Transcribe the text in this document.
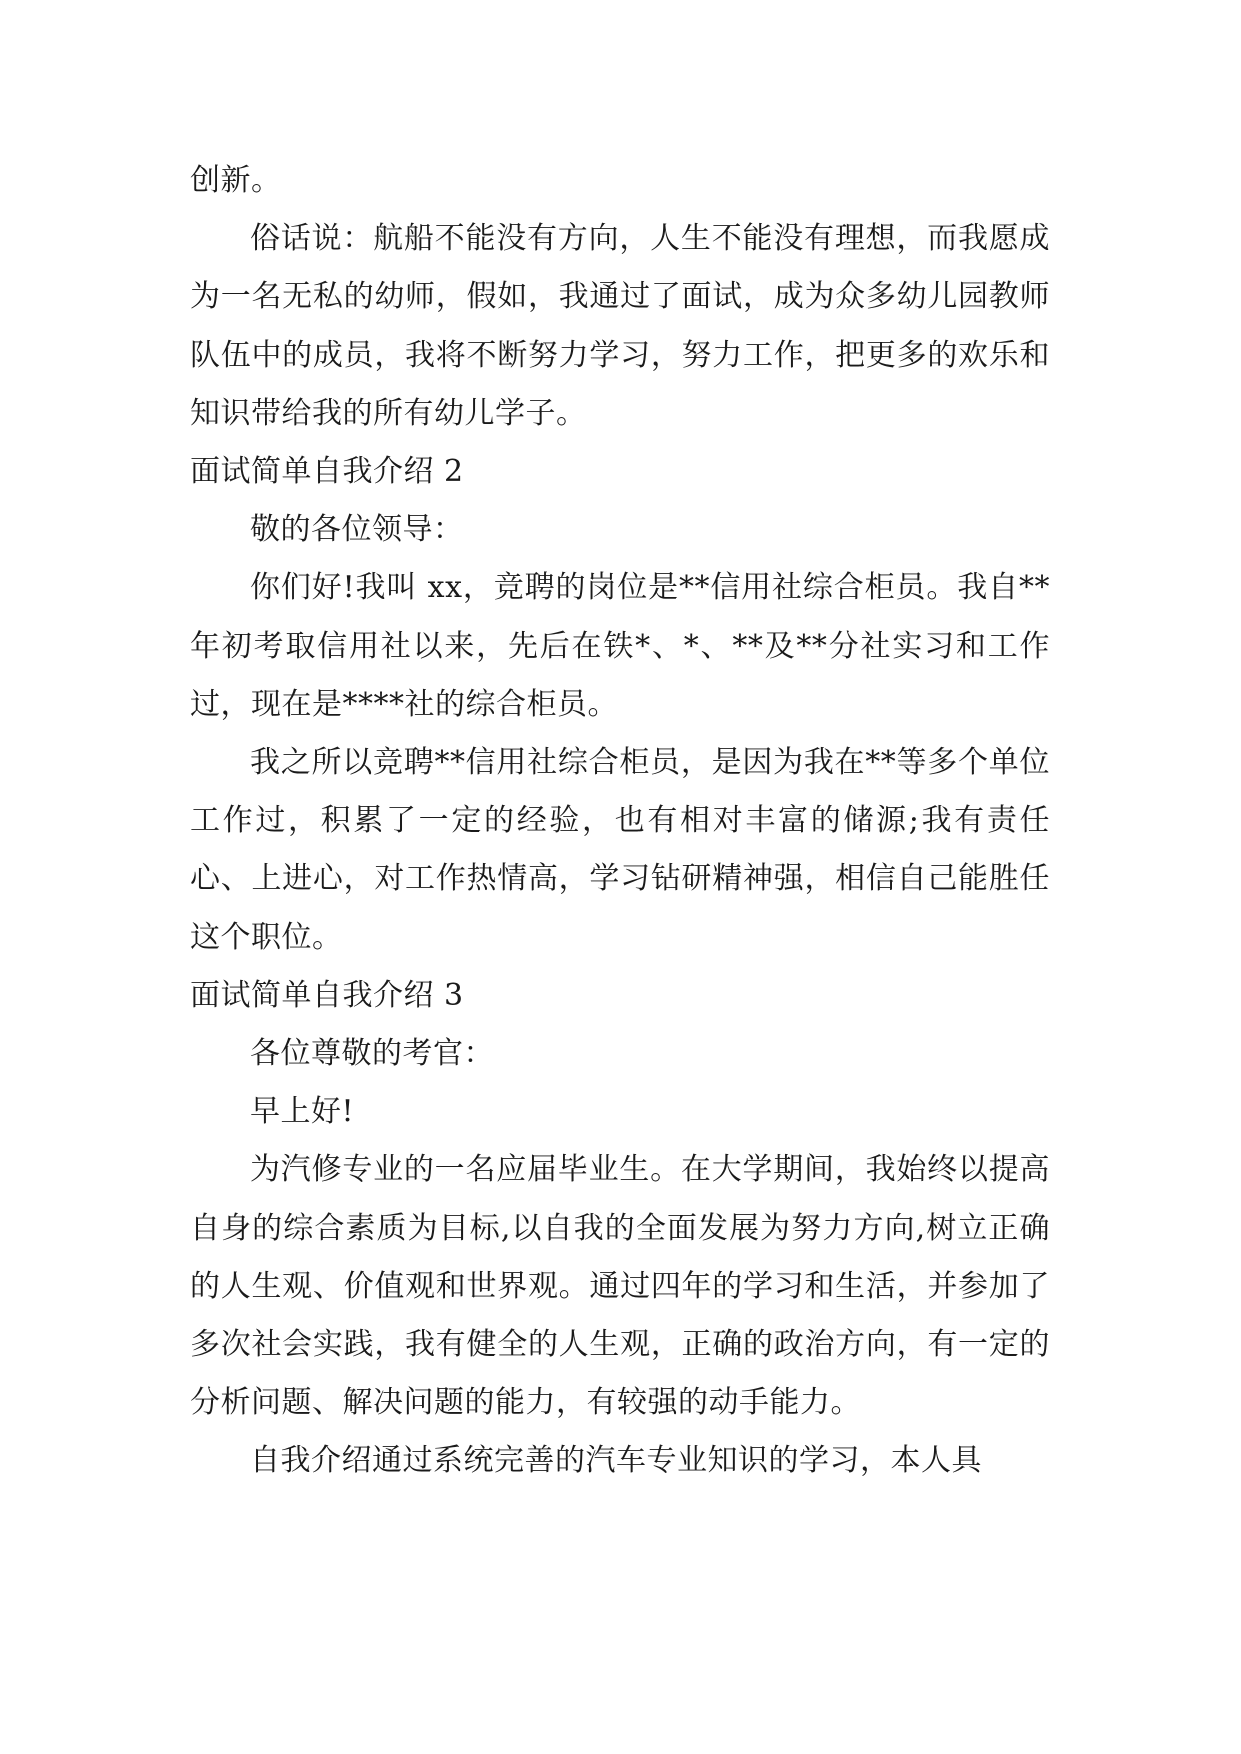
创新。

俗话说：航船不能没有方向，人生不能没有理想，而我愿成为一名无私的幼师，假如，我通过了面试，成为众多幼儿园教师队伍中的成员，我将不断努力学习，努力工作，把更多的欢乐和知识带给我的所有幼儿学子。

面试简单自我介绍 2

敬的各位领导：

你们好!我叫 xx，竞聘的岗位是**信用社综合柜员。我自**年初考取信用社以来，先后在铁*、*、**及**分社实习和工作过，现在是****社的综合柜员。

我之所以竞聘**信用社综合柜员，是因为我在**等多个单位工作过，积累了一定的经验，也有相对丰富的储源;我有责任心、上进心，对工作热情高，学习钻研精神强，相信自己能胜任这个职位。

面试简单自我介绍 3

各位尊敬的考官：

早上好!

为汽修专业的一名应届毕业生。在大学期间，我始终以提高自身的综合素质为目标,以自我的全面发展为努力方向,树立正确的人生观、价值观和世界观。通过四年的学习和生活，并参加了多次社会实践，我有健全的人生观，正确的政治方向，有一定的分析问题、解决问题的能力，有较强的动手能力。

自我介绍通过系统完善的汽车专业知识的学习，本人具
